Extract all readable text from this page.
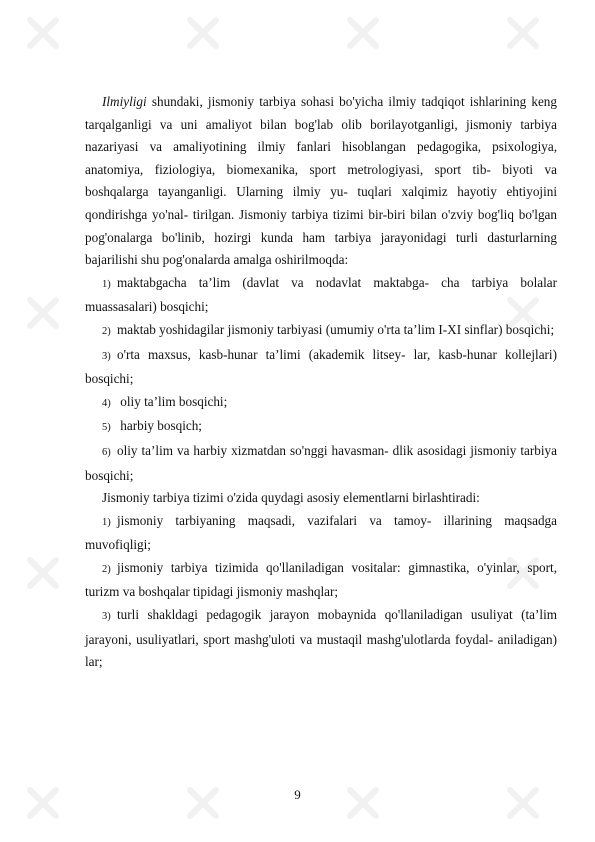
Ilmiyligi shundaki, jismoniy tarbiya sohasi bo'yicha ilmiy tadqiqot ishlarining keng tarqalganligi va uni amaliyot bilan bog'lab olib borilayotganligi, jismoniy tarbiya nazariyasi va amaliyotining ilmiy fanlari hisoblangan pedagogika, psixologiya, anatomiya, fiziologiya, biomexanika, sport metrologiyasi, sport tib- biyoti va boshqalarga tayanganligi. Ularning ilmiy yu- tuqlari xalqimiz hayotiy ehtiyojini qondirishga yo'nal- tirilgan. Jismoniy tarbiya tizimi bir-biri bilan o'zviy bog'liq bo'lgan pog'onalarga bo'linib, hozirgi kunda ham tarbiya jarayonidagi turli dasturlarning bajarilishi shu pog'onalarda amalga oshirilmoqda:

1) maktabgacha ta’lim (davlat va nodavlat maktabga- cha tarbiya bolalar muassasalari) bosqichi;

2) maktab yoshidagilar jismoniy tarbiyasi (umumiy o'rta ta’lim I-XI sinflar) bosqichi;

3) o'rta maxsus, kasb-hunar ta’limi (akademik litsey- lar, kasb-hunar kollejlari) bosqichi;

4) oliy ta’lim bosqichi;

5) harbiy bosqich;

6) oliy ta’lim va harbiy xizmatdan so'nggi havasman- dlik asosidagi jismoniy tarbiya bosqichi;

Jismoniy tarbiya tizimi o'zida quydagi asosiy elementlarni birlashtiradi:

1) jismoniy tarbiyaning maqsadi, vazifalari va tamoy- illarining maqsadga muvofiqligi;

2) jismoniy tarbiya tizimida qo'llaniladigan vositalar: gimnastika, o'yinlar, sport, turizm va boshqalar tipidagi jismoniy mashqlar;

3) turli shakldagi pedagogik jarayon mobaynida qo'llaniladigan usuliyat (ta’lim jarayoni, usuliyatlari, sport mashg'uloti va mustaqil mashg'ulotlarda foydal- aniladigan) lar;

9
